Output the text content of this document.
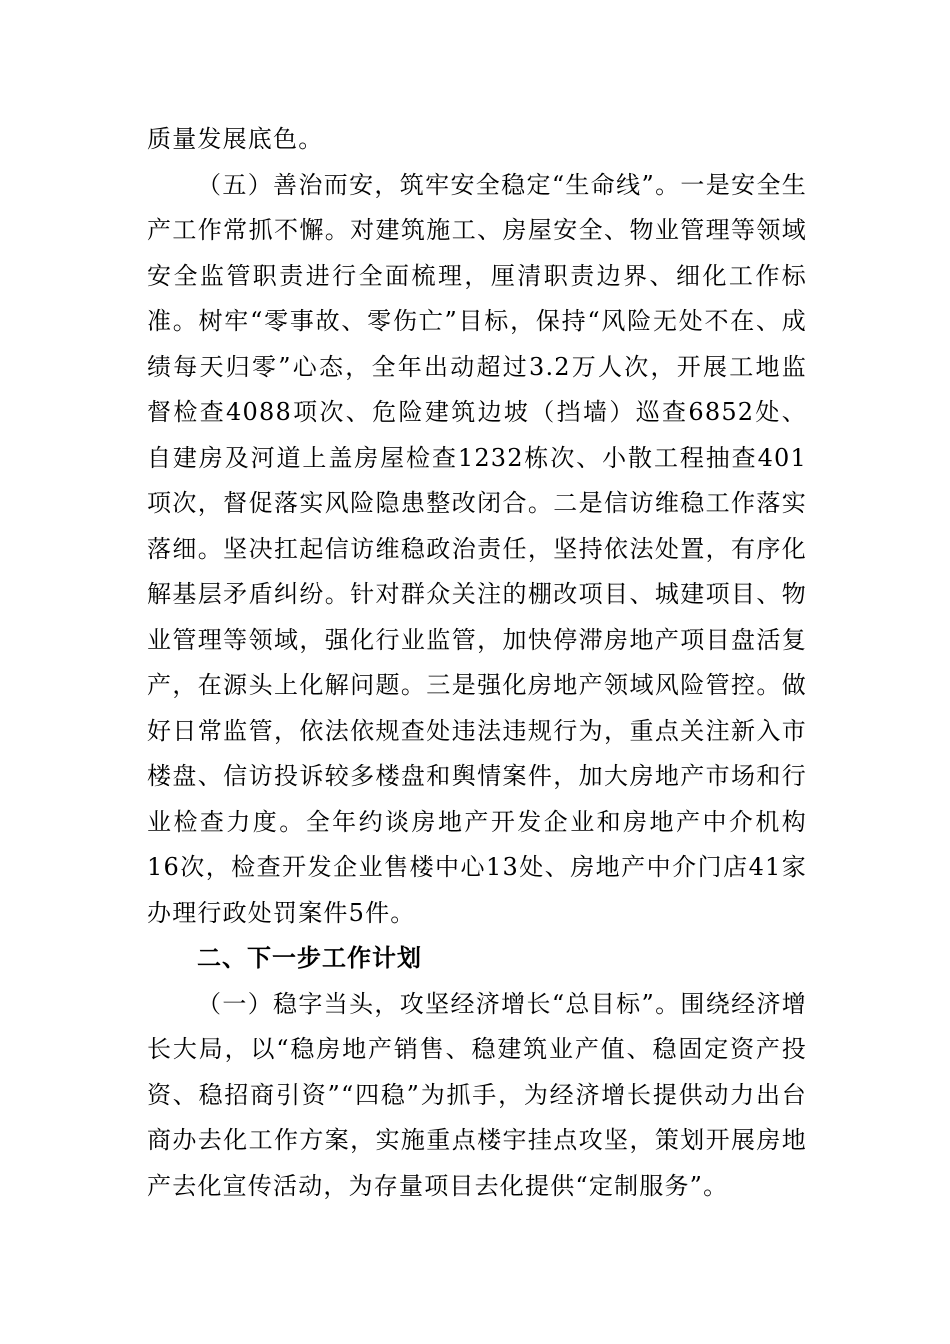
质量发展底色。

（五）善治而安，筑牢安全稳定“生命线”。一是安全生产工作常抓不懈。对建筑施工、房屋安全、物业管理等领域安全监管职责进行全面梳理，厘清职责边界、细化工作标准。树牢“零事故、零伤亡”目标，保持“风险无处不在、成绩每天归零”心态，全年出动超过3.2万人次，开展工地监督检查4088项次、危险建筑边坡（挡墙）巡查6852处、自建房及河道上盖房屋检查1232栋次、小散工程抽查401项次，督促落实风险隐患整改闭合。二是信访维稳工作落实落细。坚决扛起信访维稳政治责任，坚持依法处置，有序化解基层矛盾纠纷。针对群众关注的棚改项目、城建项目、物业管理等领域，强化行业监管，加快停滞房地产项目盘活复产，在源头上化解问题。三是强化房地产领域风险管控。做好日常监管，依法依规查处违法违规行为，重点关注新入市楼盘、信访投诉较多楼盘和舆情案件，加大房地产市场和行业检查力度。全年约谈房地产开发企业和房地产中介机构16次，检查开发企业售楼中心13处、房地产中介门店41家办理行政处罚案件5件。

二、下一步工作计划

（一）稳字当头，攻坚经济增长“总目标”。围绕经济增长大局，以“稳房地产销售、稳建筑业产值、稳固定资产投资、稳招商引资”“四稳”为抓手，为经济增长提供动力出台商办去化工作方案，实施重点楼宇挂点攻坚，策划开展房地产去化宣传活动，为存量项目去化提供“定制服务”。
